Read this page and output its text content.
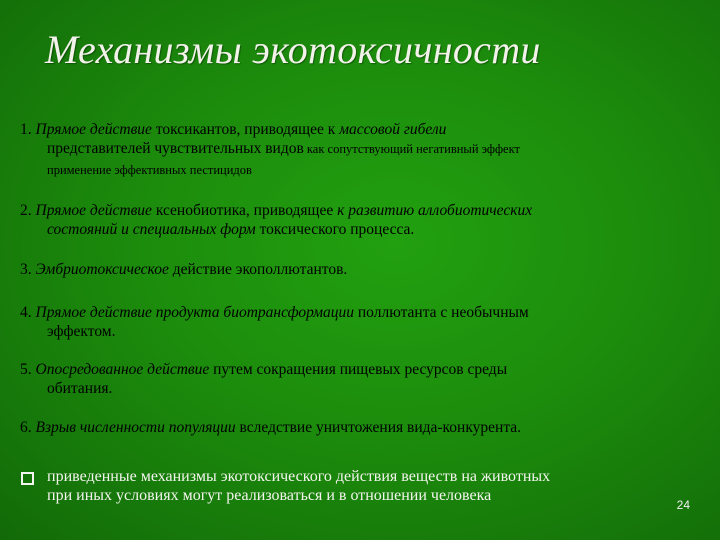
Механизмы экотоксичности
1. Прямое действие токсикантов, приводящее к массовой гибели
представителей чувствительных видов как сопутствующий негативный эффект
применение эффективных пестицидов
2. Прямое действие ксенобиотика, приводящее к развитию аллобиотических
состояний и специальных форм токсического процесса.
3. Эмбриотоксическое действие экополлютантов.
4. Прямое действие продукта биотрансформации поллютанта с необычным
эффектом.
5. Опосредованное действие путем сокращения пищевых ресурсов среды
обитания.
6. Взрыв численности популяции вследствие уничтожения вида-конкурента.
приведенные механизмы экотоксического действия веществ на животных
при иных условиях могут реализоваться и в отношении человека
24
